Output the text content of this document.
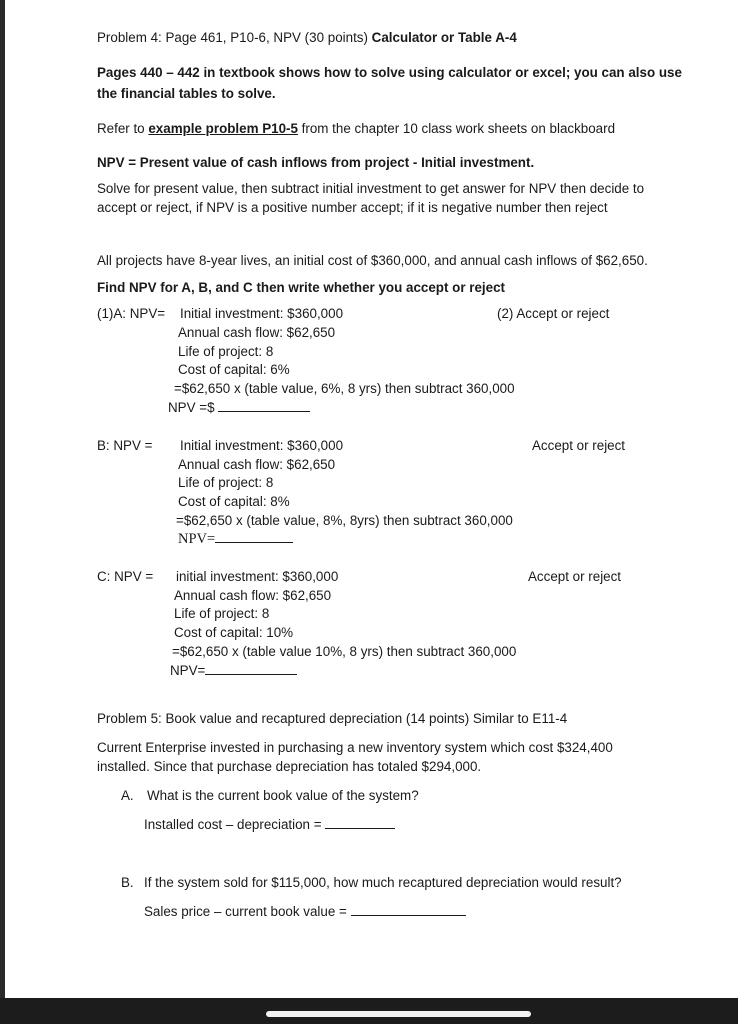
Problem 4: Page 461, P10-6, NPV (30 points) Calculator or Table A-4
Pages 440 – 442 in textbook shows how to solve using calculator or excel; you can also use
the financial tables to solve.
Refer to example problem P10-5 from the chapter 10 class work sheets on blackboard
NPV = Present value of cash inflows from project - Initial investment.
Solve for present value, then subtract initial investment to get answer for NPV then decide to
accept or reject, if NPV is a positive number accept; if it is negative number then reject
All projects have 8-year lives, an initial cost of $360,000, and annual cash inflows of $62,650.
Find NPV for A, B, and C then write whether you accept or reject
(1)A: NPV= Initial investment: $360,000	(2) Accept or reject
Annual cash flow: $62,650
Life of project: 8
Cost of capital: 6%
=$62,650 x (table value, 6%, 8 yrs) then subtract 360,000
NPV =$
B: NPV = Initial investment: $360,000	Accept or reject
Annual cash flow: $62,650
Life of project: 8
Cost of capital: 8%
=$62,650 x (table value, 8%, 8yrs) then subtract 360,000
NPV=
C: NPV = initial investment: $360,000	Accept or reject
Annual cash flow: $62,650
Life of project: 8
Cost of capital: 10%
=$62,650 x (table value 10%, 8 yrs) then subtract 360,000
NPV=
Problem 5: Book value and recaptured depreciation (14 points) Similar to E11-4
Current Enterprise invested in purchasing a new inventory system which cost $324,400
installed. Since that purchase depreciation has totaled $294,000.
A. What is the current book value of the system?
Installed cost – depreciation =
B. If the system sold for $115,000, how much recaptured depreciation would result?
Sales price – current book value =
